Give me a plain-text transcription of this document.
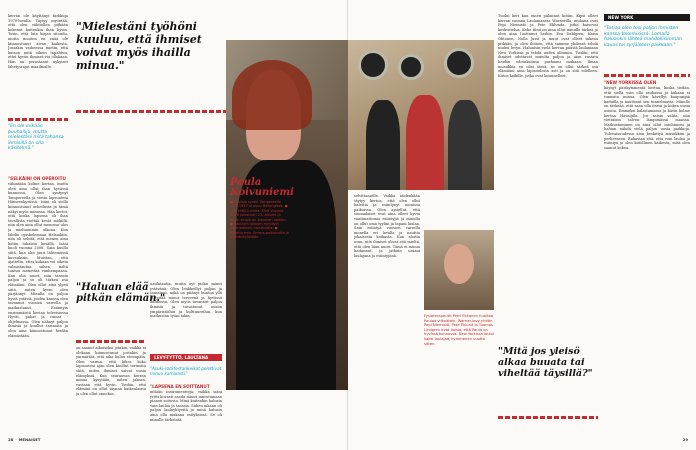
kerran ole käyttänyt farkkuja 1970-luvulla. Täytyy myöntää, että olen vähitellen pitkään kokenut kuitenkin ihan hyvin. Tosin, että luin kirjan sitoudu, mutta muuten en enää ole kiinnostunut aivan kaikesta. Jossakin vaiheessa mietin, että katson mitä oikein tapahtuu, ettei hyvän ihmiset voi ollakaan. Hän on perustanut nykyiset lähetysrajat maailmalle.

"En ole mikään puuhailija, mutta mielestäni mitä tahansa ihmisillä on olla käsitelmä."
"SELKÄINI ON OPEROITU

vähintään kolme kertaa, mutta olen aina ollut ihan hyvässä kunnossa. Olen syntynyt Tampereella ja vietin lapsuuteni Hämeenkyrössä. Isäni oli siellä kiinnostunut urheilusta ja tämä näkyi myös minussa. Hän kertoi, että koska lapsena oli ihan tavallista viettää kesät mökillä, niin olen aina ollut menossa ulos ja mieluummin ulkona. Kun lähdin opiskelemaan Helsinkiin, niin oli selvää, että menen aina kotiin takaisin kesällä. Isäni kuoli vuonna 2008. Sain kuulla siitä, kun olin juuri lähtemässä kuvauksiin. Muistan, että ajattelin, ettei kukaan voi oikein valmistautua siihen, miltä tuntuu menettää vanhempansa. Kun olin nuori, niin tanssin paljon ja se oli tärkeä osa elämääni. Olen ollut aina ylpeä siitä, miten hyvin olen pärjännyt. Minulla on paljon hyviä ystäviä, joiden kanssa olen tavannut vuosien varrella ja matkustanut. Esiinnyin ensimmäistä kertaa televisiossa Hyvät, pahat ja rumat -ohjelmassa. Olen nähnyt paljon ihmisiä ja kuullut tarinoita ja olen aina kiinnostunut heidän elämästään.

"Mielestäni työhöni kuuluu, että ihmiset voivat myös ihailla minua."
Paula
Koivuniemi
● Laulaja syntyi Tampereella 10.6.1947 ja asuu Helsingissä. ● Ura 1960-luvulta. Sinä Vuonna 2009 julkaistiin 23. albumi ja uusin single on Aikuinen nainen. ● Kaikkien aikojen myydyin suomalainen naislaulaja. ● Palkittu mm. Emma-palkinnolla ja elämäntyöstään.
"Haluan elää pitkän elämän."

naulatautia, mutta nyt pidän minut ystävänä. Olen lenkkeillyt paljon ja tanssinut, mikä on pitänyt kuntoa yllä ja pitää minut terveenä ja hyvässä kunnossa. Olen myös tavannut paljon ihmisiä ja tutustunut uusiin ympäristöihin ja kulttuureihin, kun matkustan työni takia.

LEVY-TYTTÖ, LAULTANA

on saanut aikaiseksi jotakin, vaikka ei olekaan kiinnostunut jostakin ja ymmärtää, että aika kuluu eteenpäin. Olen varma, että lähes koko lapsuuteni ajan olen kuullut tarinoita siitä, miten ihmiset saivat uusia elämyksiä. Kun seuraavan kerran minua kysytään, miten jaksan, vastaan että hyvin. Tiedän, että elämäni on ollut täynnä kaikenlaista ja olen ollut onnekas.

"Asuki-rockfestarikeikat pelottivat minua kamalasti."
"LAPSENA EN SOITTANUT

mitään instrumentteja, vaikka isäni yritti kovasti saada minut innostumaan pianon soitosta. Minä kuitenkin halusin vain laulaa ja tanssia. Siihen aikaan oli paljon lauluyhtyeitä ja minä halusin aina olla mukana esityksissä. Se oli minulle tärkeintä.

28 MENAISET

selvittanutlle. Vaikka niidenkään täytyy kertoa, että olen ollut balettia ja esiintynyt monissa paikoissa. Olen ajatellut, että suomalaiset ovat aina olleet hyvin vaatimattomia esiintyjiä ja minulla on ollut oma tyylini ja tapani laulaa. Sain esiintyä vuosien varrella monella eri lavalla ja nauttia jokaisesta keikasta. Kun aloitin uran, niin ihmiset olivat sitä mieltä, että olen liian nuori. Tämä ei minua haitannut, ja jatkoin uraani laulajana ja esiintyjänä.

Fysioterapeutti Petri Ekkanen huoltaa Paulaa viikoittain. Warner-levy-yhtiön Pepi Niemistö, Pete Eklund ja Tuomas Lindgren ovat iloisia, että Paula on hyvissä kunnossa. New Yorkissa lauloi kaksi laulajaa, kymmenen vuotta sitten.

Tuolni keri kun einen palannut kotiin. Kipsi olleet kerran vuonna Laulamaassa Warnerilla, mukana ovat Pepi Niemistö ja Pete Eklunda, jotka katsovat keskustelua. Koko tiimi on aina ollut minulle tärkeä ja olen aina luottanut heihin. Eva Dahlgren, Kaisa Ohtonen, Nolla Jussi ja muut ovat olleet tukena pitkään, ja olen iloinen, että saimme yhdessä tehdä uuden levyn. Haluaisin vielä kerran päästä laulamaan New Yorkissa ja tehdä uuden albumin. Tiedän, että ihmiset odottavat minulta paljon ja aion vastata heidän odotuksiinsa parhaani mukaan. Ilman musiikkia en olisi tässä, se on ollut tärkeä osa elämääni aina lapsuudesta asti ja on sitä edelleen. Kiitos kaikille, jotka ovat kuunnelleet.

"Mitä jos yleisö alkaa buuata tai viheltää täysillä?"
NEW YORK
"Tosiaa olen tosi paljon ihmisten kanssa tekemisissä. Lomalla haluankin lähteä mahdollisimman kauas tai syrjäiseen paikkaan."
"NEW YORKISSA OLEN

käynyt parikymmentä kertaa, koska tiedän, että siellä voin olla rauhassa ja kukaan ei tunnista minua. Olen kävellyt kaupungin kaduilla ja nauttinut sen tunnelmasta. Minulle on tärkeää, että saan olla itseni ja kokea uusia asioita. Emmeksi kalastamassa ja kävin kolme kertaa Havaijilla. Jos saisin valita, niin viettäisin talven lämpimässä maassa. Matkustaminen on aina ollut intohimoni ja haluan nähdä vielä paljon uusia paikkoja. Tulevaisuudessa aion keskittyä musiikkiin ja perheeseen. Rakastan sitä, että voin laulaa ja esiintyä ja olen kiitollinen kaikesta, mitä olen saanut kokea.

29
